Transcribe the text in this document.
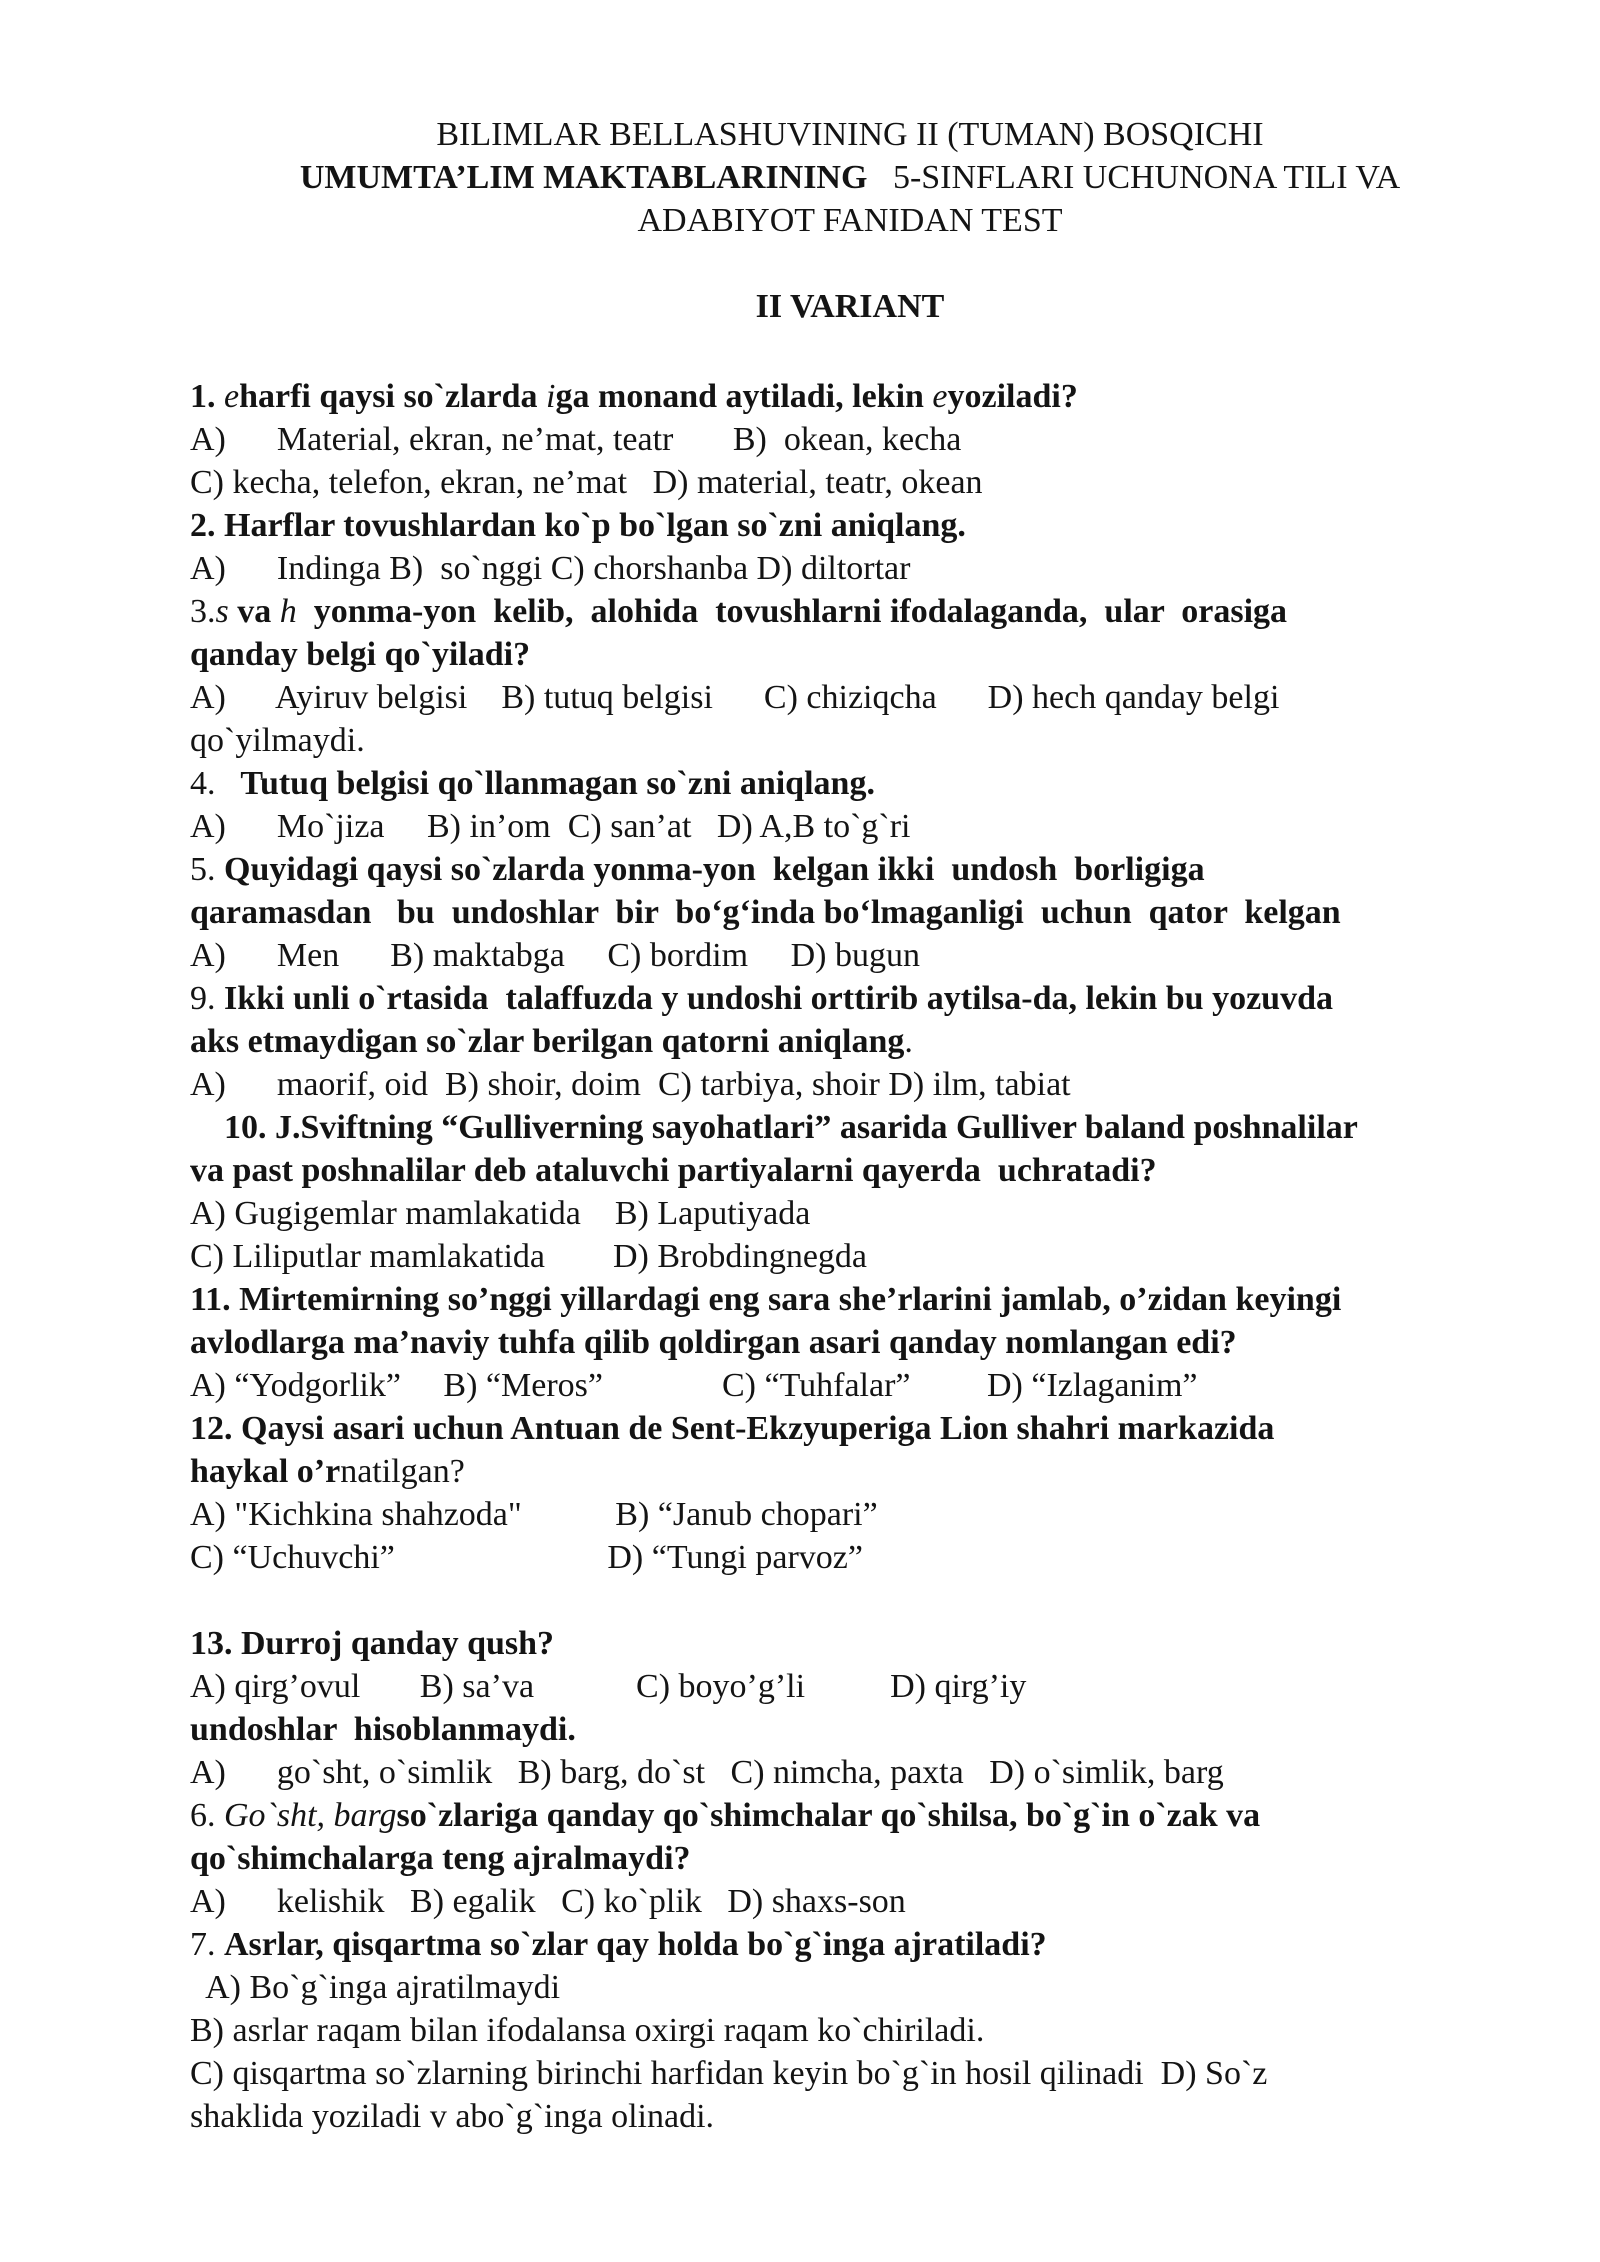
BILIMLAR BELLASHUVINING II (TUMAN) BOSQICHI
UMUMTA’LIM MAKTABLARINING   5-SINFLARI UCHUNONA TILI VA
ADABIYOT FANIDAN TEST
II VARIANT
1. eharfi qaysi so`zlarda iga monand aytiladi, lekin eyoziladi?
A)      Material, ekran, ne’mat, teatr       B)  okean, kecha
C) kecha, telefon, ekran, ne’mat   D) material, teatr, okean
2. Harflar tovushlardan ko`p bo`lgan so`zni aniqlang.
A)      Indinga B)  so`nggi C) chorshanba D) diltortar
3.s va h  yonma-yon  kelib,  alohida  tovushlarni ifodalaganda,  ular  orasiga
qanday belgi qo`yiladi?
A)      Ayiruv belgisi    B) tutuq belgisi      C) chiziqcha      D) hech qanday belgi
qo`yilmaydi.
4.   Tutuq belgisi qo`llanmagan so`zni aniqlang.
A)      Mo`jiza     B) in’om  C) san’at   D) A,B to`g`ri
5. Quyidagi qaysi so`zlarda yonma-yon  kelgan ikki  undosh  borligiga
qaramasdan   bu  undoshlar  bir  bo‘g‘inda bo‘lmaganligi  uchun  qator  kelgan
A)      Men      B) maktabga     C) bordim     D) bugun
9. Ikki unli o`rtasida  talaffuzda y undoshi orttirib aytilsa-da, lekin bu yozuvda
aks etmaydigan so`zlar berilgan qatorni aniqlang.
A)      maorif, oid  B) shoir, doim  C) tarbiya, shoir D) ilm, tabiat
10. J.Sviftning “Gulliverning sayohatlari” asarida Gulliver baland poshnalilar
va past poshnalilar deb ataluvchi partiyalarni qayerda  uchratadi?
A) Gugigemlar mamlakatida    B) Laputiyada
C) Liliputlar mamlakatida        D) Brobdingnegda
11. Mirtemirning so’nggi yillardagi eng sara she’rlarini jamlab, o’zidan keyingi
avlodlarga ma’naviy tuhfa qilib qoldirgan asari qanday nomlangan edi?
A) “Yodgorlik”     B) “Meros”              C) “Tuhfalar”         D) “Izlaganim”
12. Qaysi asari uchun Antuan de Sent-Ekzyuperiga Lion shahri markazida
haykal o’rnatilgan?
A) "Kichkina shahzoda"           B) “Janub chopari”
C) “Uchuvchi”                         D) “Tungi parvoz”
13. Durroj qanday qush?
A) qirg’ovul       B) sa’va            C) boyo’g’li          D) qirg’iy
undoshlar  hisoblanmaydi.
A)      go`sht, o`simlik   B) barg, do`st   C) nimcha, paxta   D) o`simlik, barg
6. Go`sht, bargso`zlariga qanday qo`shimchalar qo`shilsa, bo`g`in o`zak va
qo`shimchalarga teng ajralmaydi?
A)      kelishik   B) egalik   C) ko`plik   D) shaxs-son
7. Asrlar, qisqartma so`zlar qay holda bo`g`inga ajratiladi?
A) Bo`g`inga ajratilmaydi
B) asrlar raqam bilan ifodalansa oxirgi raqam ko`chiriladi.
C) qisqartma so`zlarning birinchi harfidan keyin bo`g`in hosil qilinadi  D) So`z
shaklida yoziladi v abo`g`inga olinadi.
